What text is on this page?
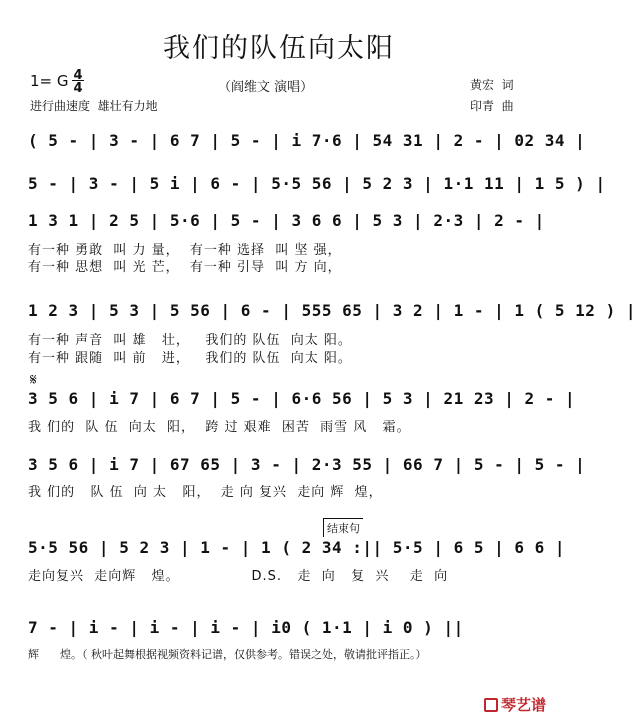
我们的队伍向太阳
1= G 4
4	（阎维文 演唱）
进行曲速度  雄壮有力地
黄宏  词
印青  曲
( 5 - | 3 - | 6 7 | 5 - | i 7·6 | 54 31 | 2 - | 02 34 |
5 - | 3 - | 5 i | 6 - | 5·5 56 | 5 2 3 | 1·1 11 | 1 5 ) |
1 3 1 | 2 5 | 5·6 | 5 - | 3 6 6 | 5 3 | 2·3 | 2 - |
有一种 勇敢  叫 力 量，  有一种 选择  叫 坚 强，
有一种 思想  叫 光 芒，  有一种 引导  叫 方 向，
1 2 3 | 5 3 | 5 56 | 6 - | 555 65 | 3 2 | 1 - | 1 ( 5 12 ) |
有一种 声音  叫 雄   壮，   我们的 队伍  向太 阳。
有一种 跟随  叫 前   进，   我们的 队伍  向太 阳。
𝄋
3 5 6 | i 7 | 6 7 | 5 - | 6·6 56 | 5 3 | 21 23 | 2 - |
我 们的  队 伍  向太  阳，  跨 过 艰难  困苦  雨雪 风   霜。
3 5 6 | i 7 | 67 65 | 3 - | 2·3 55 | 66 7 | 5 - | 5 - |
我 们的   队 伍  向 太   阳，  走 向 复兴  走向 辉  煌，
结束句
5·5 56 | 5 2 3 | 1 - | 1 ( 2 34 :|| 5·5 | 6 5 | 6 6 |
走向复兴  走向辉   煌。              D.S.   走  向   复  兴    走  向
7 - | i - | i - | i - | i0 ( 1·1 | i 0 ) ||
辉      煌。（ 秋叶起舞根据视频资料记谱，仅供参考。错误之处，敬请批评指正。）

琴艺谱
